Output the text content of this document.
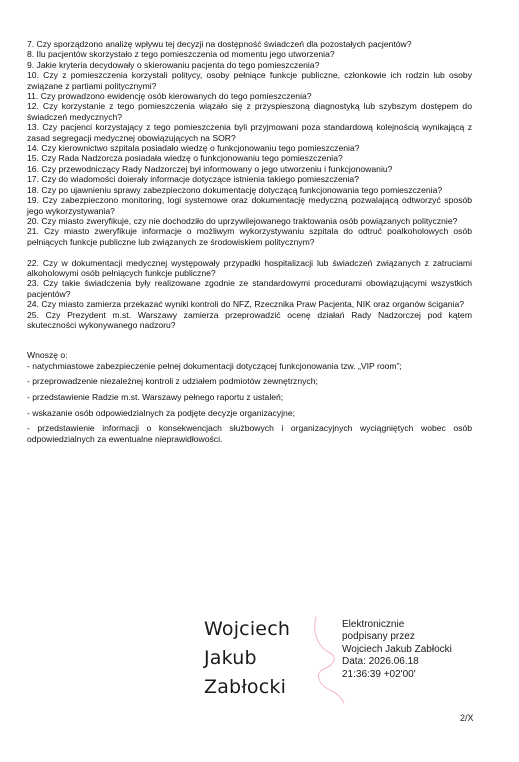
7. Czy sporządzono analizę wpływu tej decyzji na dostępność świadczeń dla pozostałych pacjentów?

8. Ilu pacjentów skorzystało z tego pomieszczenia od momentu jego utworzenia?

9. Jakie kryteria decydowały o skierowaniu pacjenta do tego pomieszczenia?

10. Czy z pomieszczenia korzystali politycy, osoby pełniące funkcje publiczne, członkowie ich rodzin lub osoby związane z partiami politycznymi?

11. Czy prowadzono ewidencję osób kierowanych do tego pomieszczenia?

12. Czy korzystanie z tego pomieszczenia wiązało się z przyspieszoną diagnostyką lub szybszym dostępem do świadczeń medycznych?

13. Czy pacjenci korzystający z tego pomieszczenia byli przyjmowani poza standardową kolejnością wynikającą z zasad segregacji medycznej obowiązujących na SOR?

14. Czy kierownictwo szpitala posiadało wiedzę o funkcjonowaniu tego pomieszczenia?

15. Czy Rada Nadzorcza posiadała wiedzę o funkcjonowaniu tego pomieszczenia?

16. Czy przewodniczący Rady Nadzorczej był informowany o jego utworzeniu i funkcjonowaniu?

17. Czy do wiadomości doierały informacje dotyczące istnienia takiego pomieszczenia?

18. Czy po ujawnieniu sprawy zabezpieczono dokumentację dotyczącą funkcjonowania tego pomieszczenia?

19. Czy zabezpieczono monitoring, logi systemowe oraz dokumentację medyczną pozwalającą odtworzyć sposób jego wykorzystywania?

20. Czy miasto zweryfikuje, czy nie dochodziło do uprzywilejowanego traktowania osób powiązanych politycznie?

21. Czy miasto zweryfikuje informacje o możliwym wykorzystywaniu szpitala do odtruć poalkoholowych osób pełniących funkcje publiczne lub związanych ze środowiskiem politycznym?

22. Czy w dokumentacji medycznej występowały przypadki hospitalizacji lub świadczeń związanych z zatruciami alkoholowymi osób pełniących funkcje publiczne?

23. Czy takie świadczenia były realizowane zgodnie ze standardowymi procedurami obowiązującymi wszystkich pacjentów?

24. Czy miasto zamierza przekazać wyniki kontroli do NFZ, Rzecznika Praw Pacjenta, NIK oraz organów ścigania?

25. Czy Prezydent m.st. Warszawy zamierza przeprowadzić ocenę działań Rady Nadzorczej pod kątem skuteczności wykonywanego nadzoru?

Wnoszę o:

- natychmiastowe zabezpieczenie pełnej dokumentacji dotyczącej funkcjonowania tzw. „VIP room”;

- przeprowadzenie niezależnej kontroli z udziałem podmiotów zewnętrznych;

- przedstawienie Radzie m.st. Warszawy pełnego raportu z ustaleń;

- wskazanie osób odpowiedzialnych za podjęte decyzje organizacyjne;

- przedstawienie informacji o konsekwencjach służbowych i organizacyjnych wyciągniętych wobec osób odpowiedzialnych za ewentualne nieprawidłowości.

Wojciech
Jakub
Zabłocki
Elektronicznie
podpisany przez
Wojciech Jakub Zabłocki
Data: 2026.06.18
21:36:39 +02'00'
2/X
